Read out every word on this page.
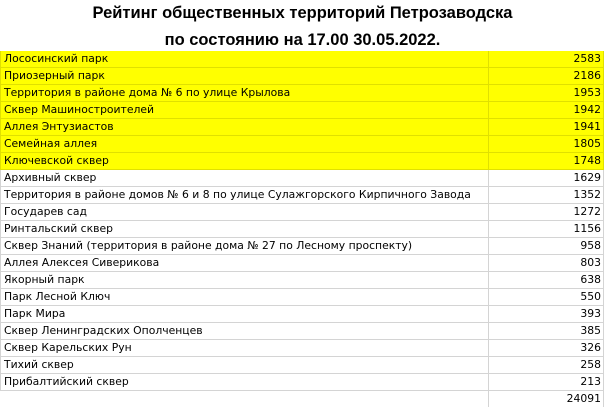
Рейтинг общественных территорий Петрозаводска
по состоянию на 17.00 30.05.2022.
Лососинский парк	2583
Приозерный парк	2186
Территория в районе дома № 6 по улице Крылова	1953
Сквер Машиностроителей	1942
Аллея Энтузиастов	1941
Семейная аллея	1805
Ключевской сквер	1748
Архивный сквер	1629
Территория в районе домов № 6 и 8 по улице Сулажгорского Кирпичного Завода	1352
Государев сад	1272
Ринтальский сквер	1156
Сквер Знаний (территория в районе дома № 27 по Лесному проспекту)	958
Аллея Алексея Сиверикова	803
Якорный парк	638
Парк Лесной Ключ	550
Парк Мира	393
Сквер Ленинградских Ополченцев	385
Сквер Карельских Рун	326
Тихий сквер	258
Прибалтийский сквер	213
	24091
